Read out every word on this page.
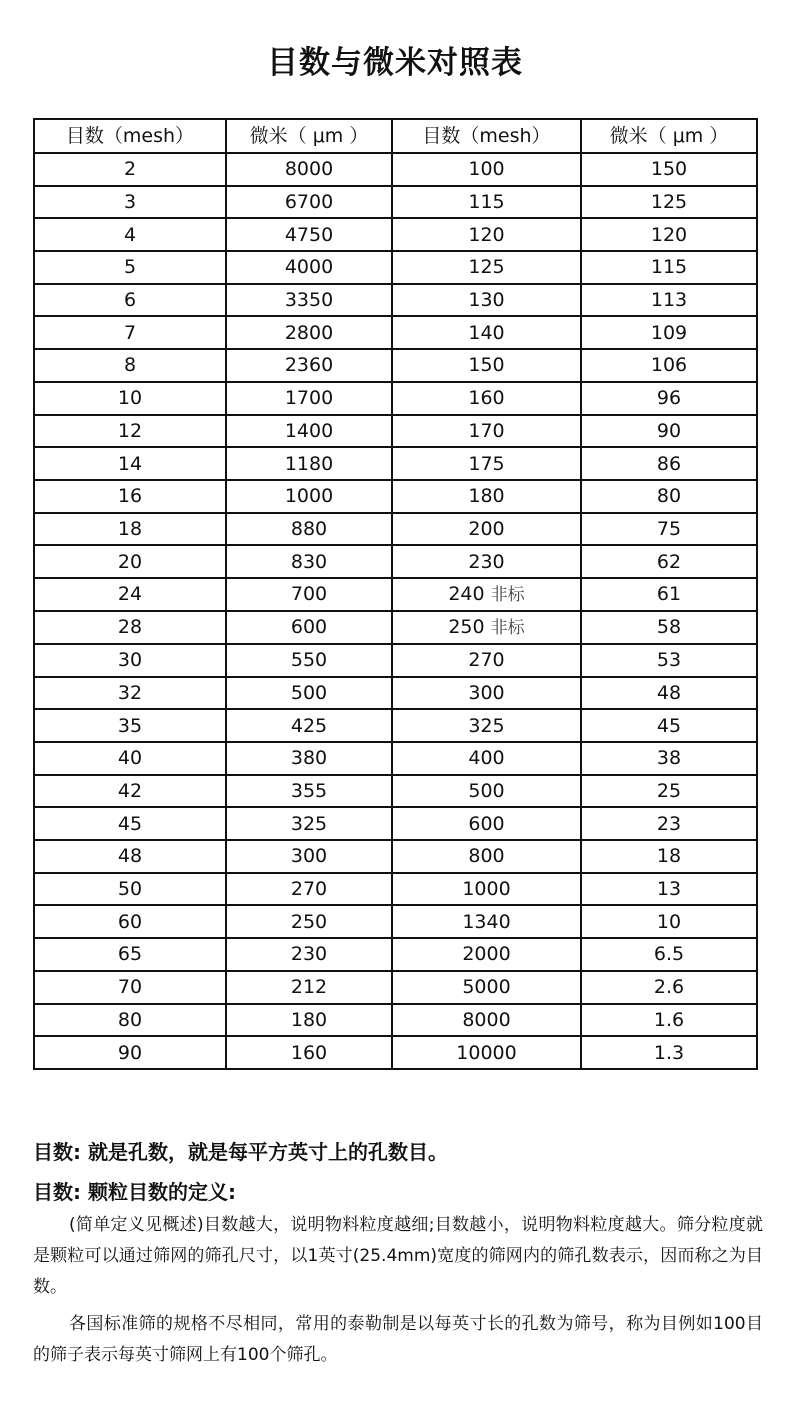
目数与微米对照表
目数（mesh）	微米（ μm ）	目数（mesh）	微米（ μm ）
2	8000	100	150
3	6700	115	125
4	4750	120	120
5	4000	125	115
6	3350	130	113
7	2800	140	109
8	2360	150	106
10	1700	160	96
12	1400	170	90
14	1180	175	86
16	1000	180	80
18	880	200	75
20	830	230	62
24	700	240 非标	61
28	600	250 非标	58
30	550	270	53
32	500	300	48
35	425	325	45
40	380	400	38
42	355	500	25
45	325	600	23
48	300	800	18
50	270	1000	13
60	250	1340	10
65	230	2000	6.5
70	212	5000	2.6
80	180	8000	1.6
90	160	10000	1.3

目数: 就是孔数，就是每平方英寸上的孔数目。

目数: 颗粒目数的定义:

(简单定义见概述)目数越大，说明物料粒度越细;目数越小，说明物料粒度越大。筛分粒度就是颗粒可以通过筛网的筛孔尺寸，以1英寸(25.4mm)宽度的筛网内的筛孔数表示，因而称之为目数。

各国标准筛的规格不尽相同，常用的泰勒制是以每英寸长的孔数为筛号，称为目例如100目的筛子表示每英寸筛网上有100个筛孔。
